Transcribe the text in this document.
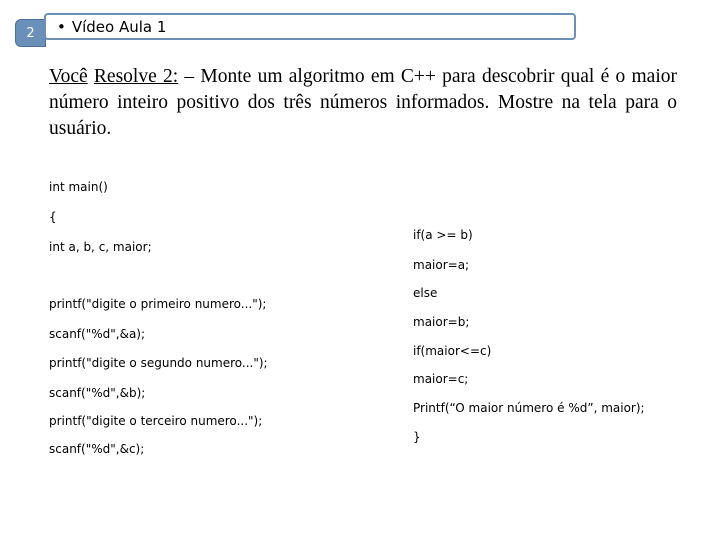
2	• Vídeo Aula 1
Você Resolve 2: – Monte um algoritmo em C++ para descobrir qual é o maior número inteiro positivo dos três números informados. Mostre na tela para o usuário.
int main()
{
int a, b, c, maior;
printf("digite o primeiro numero...");
scanf("%d",&a);
printf("digite o segundo numero...");
scanf("%d",&b);
printf("digite o terceiro numero...");
scanf("%d",&c);
if(a >= b)
maior=a;
else
maior=b;
if(maior<=c)
maior=c;
Printf(“O maior número é %d”, maior);
}
